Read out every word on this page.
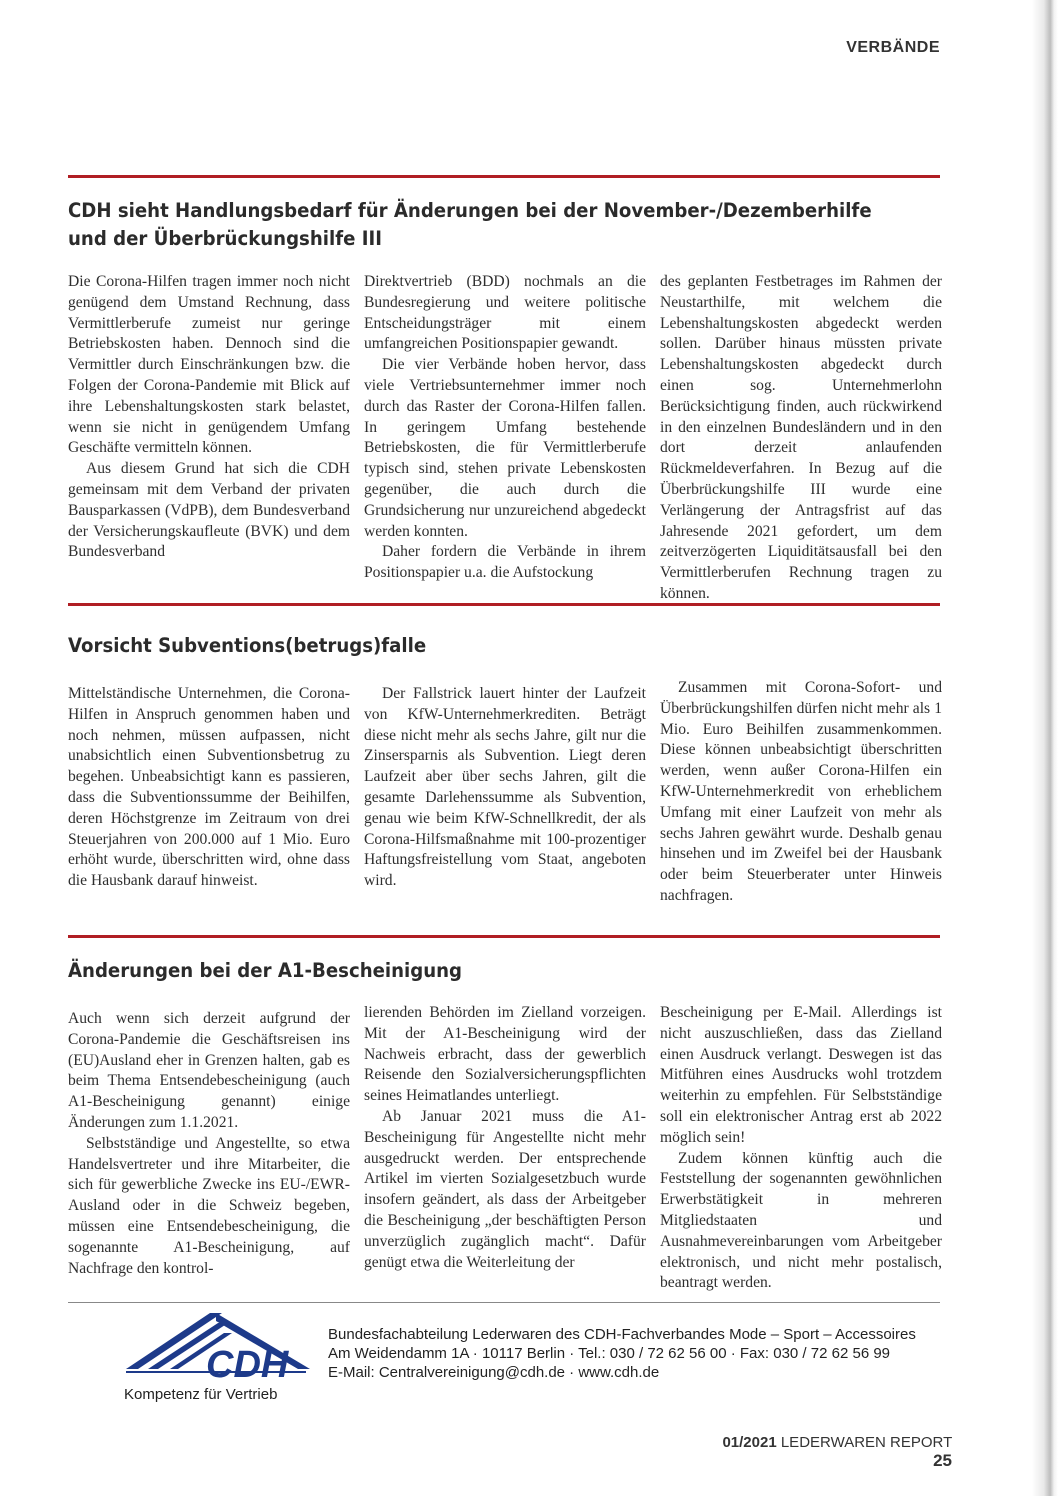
VERBÄNDE
CDH sieht Handlungsbedarf für Änderungen bei der November-/Dezemberhilfe
und der Überbrückungshilfe III

Die Corona-Hilfen tragen immer noch nicht genügend dem Umstand Rechnung, dass Vermittlerberufe zumeist nur geringe Betriebskosten haben. Dennoch sind die Vermittler durch Einschränkungen bzw. die Folgen der Corona-Pandemie mit Blick auf ihre Lebenshaltungskosten stark belastet, wenn sie nicht in genügendem Umfang Geschäfte vermitteln können.

Aus diesem Grund hat sich die CDH gemeinsam mit dem Verband der privaten Bausparkassen (VdPB), dem Bundesverband der Versicherungskaufleute (BVK) und dem Bundesverband

Direktvertrieb (BDD) nochmals an die Bundesregierung und weitere politische Entscheidungsträger mit einem umfangreichen Positionspapier gewandt.

Die vier Verbände hoben hervor, dass viele Vertriebsunternehmer immer noch durch das Raster der Corona-Hilfen fallen. In geringem Umfang bestehende Betriebskosten, die für Vermittlerberufe typisch sind, stehen private Lebenskosten gegenüber, die auch durch die Grundsicherung nur unzureichend abgedeckt werden konnten.

Daher fordern die Verbände in ihrem Positionspapier u.a. die Aufstockung

des geplanten Festbetrages im Rahmen der Neustarthilfe, mit welchem die Lebenshaltungskosten abgedeckt werden sollen. Darüber hinaus müssten private Lebenshaltungskosten abgedeckt durch einen sog. Unternehmerlohn Berücksichtigung finden, auch rückwirkend in den einzelnen Bundesländern und in den dort derzeit anlaufenden Rückmeldeverfahren. In Bezug auf die Überbrückungshilfe III wurde eine Verlängerung der Antragsfrist auf das Jahresende 2021 gefordert, um dem zeitverzögerten Liquiditätsausfall bei den Vermittlerberufen Rechnung tragen zu können.

Vorsicht Subventions(betrugs)falle

Mittelständische Unternehmen, die Corona-Hilfen in Anspruch genommen haben und noch nehmen, müssen aufpassen, nicht unabsichtlich einen Subventionsbetrug zu begehen. Unbeabsichtigt kann es passieren, dass die Subventionssumme der Beihilfen, deren Höchstgrenze im Zeitraum von drei Steuerjahren von 200.000 auf 1 Mio. Euro erhöht wurde, überschritten wird, ohne dass die Hausbank darauf hinweist.

Der Fallstrick lauert hinter der Laufzeit von KfW-Unternehmerkrediten. Beträgt diese nicht mehr als sechs Jahre, gilt nur die Zinsersparnis als Subvention. Liegt deren Laufzeit aber über sechs Jahren, gilt die gesamte Darlehenssumme als Subvention, genau wie beim KfW-Schnellkredit, der als Corona-Hilfsmaßnahme mit 100-prozentiger Haftungsfreistellung vom Staat, angeboten wird.

Zusammen mit Corona-Sofort- und Überbrückungshilfen dürfen nicht mehr als 1 Mio. Euro Beihilfen zusammenkommen. Diese können unbeabsichtigt überschritten werden, wenn außer Corona-Hilfen ein KfW-Unternehmerkredit von erheblichem Umfang mit einer Laufzeit von mehr als sechs Jahren gewährt wurde. Deshalb genau hinsehen und im Zweifel bei der Hausbank oder beim Steuerberater unter Hinweis nachfragen.

Änderungen bei der A1-Bescheinigung

Auch wenn sich derzeit aufgrund der Corona-Pandemie die Geschäftsreisen ins (EU)Ausland eher in Grenzen halten, gab es beim Thema Entsendebescheinigung (auch A1-Bescheinigung genannt) einige Änderungen zum 1.1.2021.

Selbstständige und Angestellte, so etwa Handelsvertreter und ihre Mitarbeiter, die sich für gewerbliche Zwecke ins EU-/EWR-Ausland oder in die Schweiz begeben, müssen eine Entsendebescheinigung, die sogenannte A1-Bescheinigung, auf Nachfrage den kontrol-

lierenden Behörden im Zielland vorzeigen. Mit der A1-Bescheinigung wird der Nachweis erbracht, dass der gewerblich Reisende den Sozialversicherungspflichten seines Heimatlandes unterliegt.

Ab Januar 2021 muss die A1-Bescheinigung für Angestellte nicht mehr ausgedruckt werden. Der entsprechende Artikel im vierten Sozialgesetzbuch wurde insofern geändert, als dass der Arbeitgeber die Bescheinigung „der beschäftigten Person unverzüglich zugänglich macht“. Dafür genügt etwa die Weiterleitung der

Bescheinigung per E-Mail. Allerdings ist nicht auszuschließen, dass das Zielland einen Ausdruck verlangt. Deswegen ist das Mitführen eines Ausdrucks wohl trotzdem weiterhin zu empfehlen. Für Selbstständige soll ein elektronischer Antrag erst ab 2022 möglich sein!

Zudem können künftig auch die Feststellung der sogenannten gewöhnlichen Erwerbstätigkeit in mehreren Mitgliedstaaten und Ausnahmevereinbarungen vom Arbeitgeber elektronisch, und nicht mehr postalisch, beantragt werden.

CDH
Kompetenz für Vertrieb
Bundesfachabteilung Lederwaren des CDH-Fachverbandes Mode – Sport – Accessoires
Am Weidendamm 1A · 10117 Berlin · Tel.: 030 / 72 62 56 00 · Fax: 030 / 72 62 56 99
E-Mail: Centralvereinigung@cdh.de · www.cdh.de
01/2021 LEDERWAREN REPORT 25
